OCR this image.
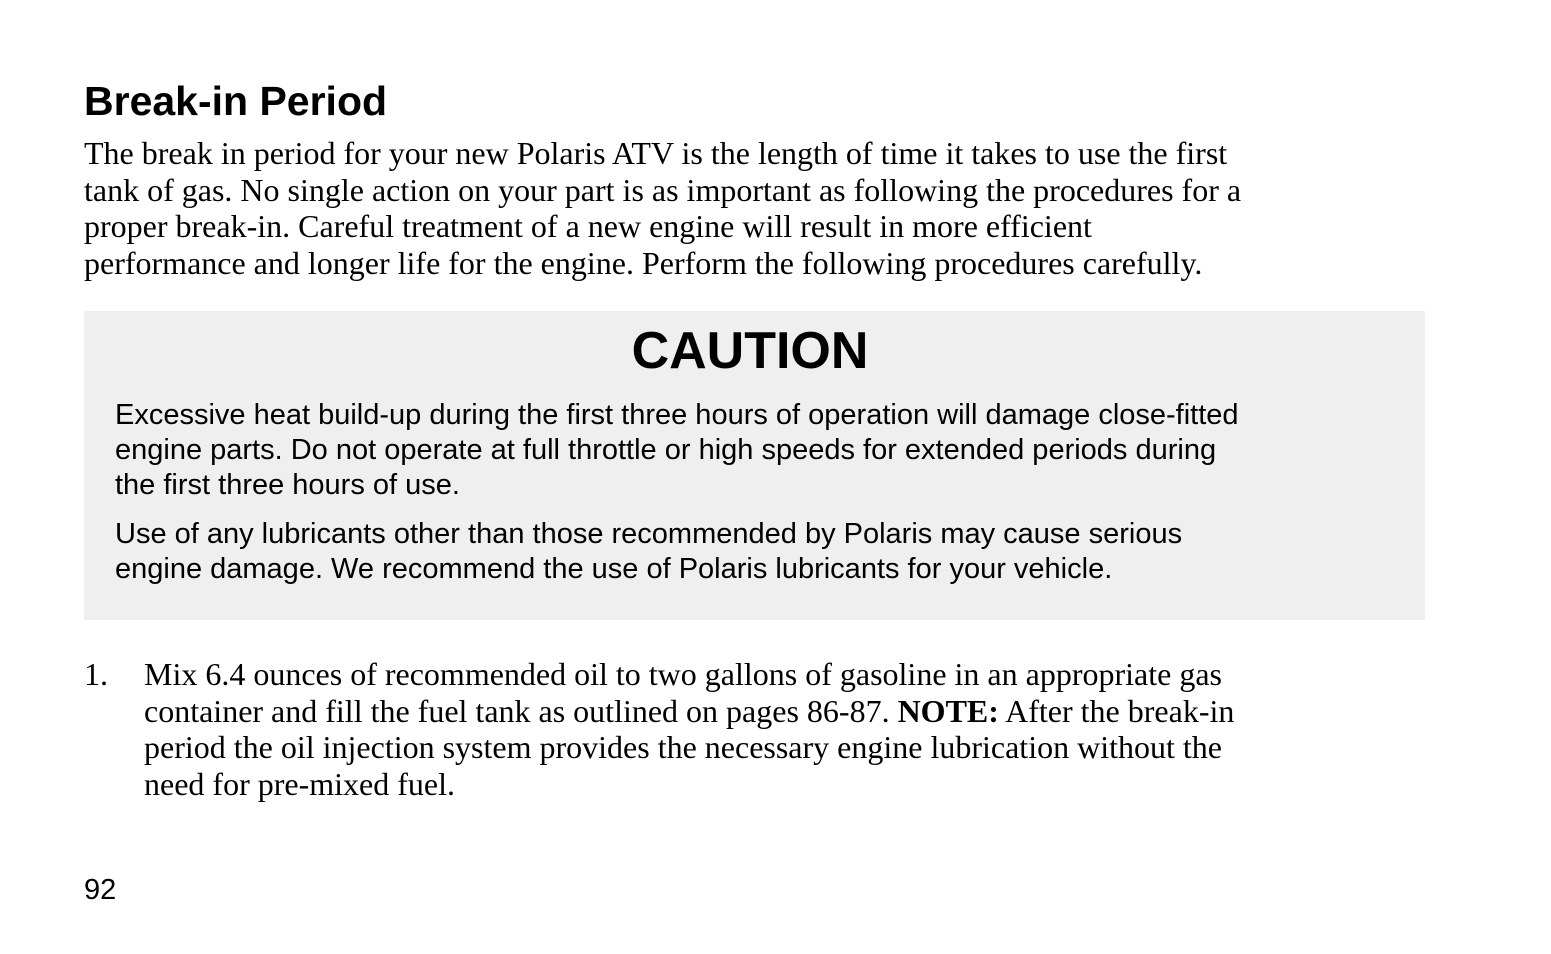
Break-in Period

The break in period for your new Polaris ATV is the length of time it takes to use the first
tank of gas. No single action on your part is as important as following the procedures for a
proper break-in. Careful treatment of a new engine will result in more efficient
performance and longer life for the engine. Perform the following procedures carefully.

CAUTION

Excessive heat build-up during the first three hours of operation will damage close-fitted
engine parts. Do not operate at full throttle or high speeds for extended periods during
the first three hours of use.

Use of any lubricants other than those recommended by Polaris may cause serious
engine damage. We recommend the use of Polaris lubricants for your vehicle.

1. Mix 6.4 ounces of recommended oil to two gallons of gasoline in an appropriate gas
container and fill the fuel tank as outlined on pages 86-87. NOTE: After the break-in
period the oil injection system provides the necessary engine lubrication without the
need for pre-mixed fuel.

92
